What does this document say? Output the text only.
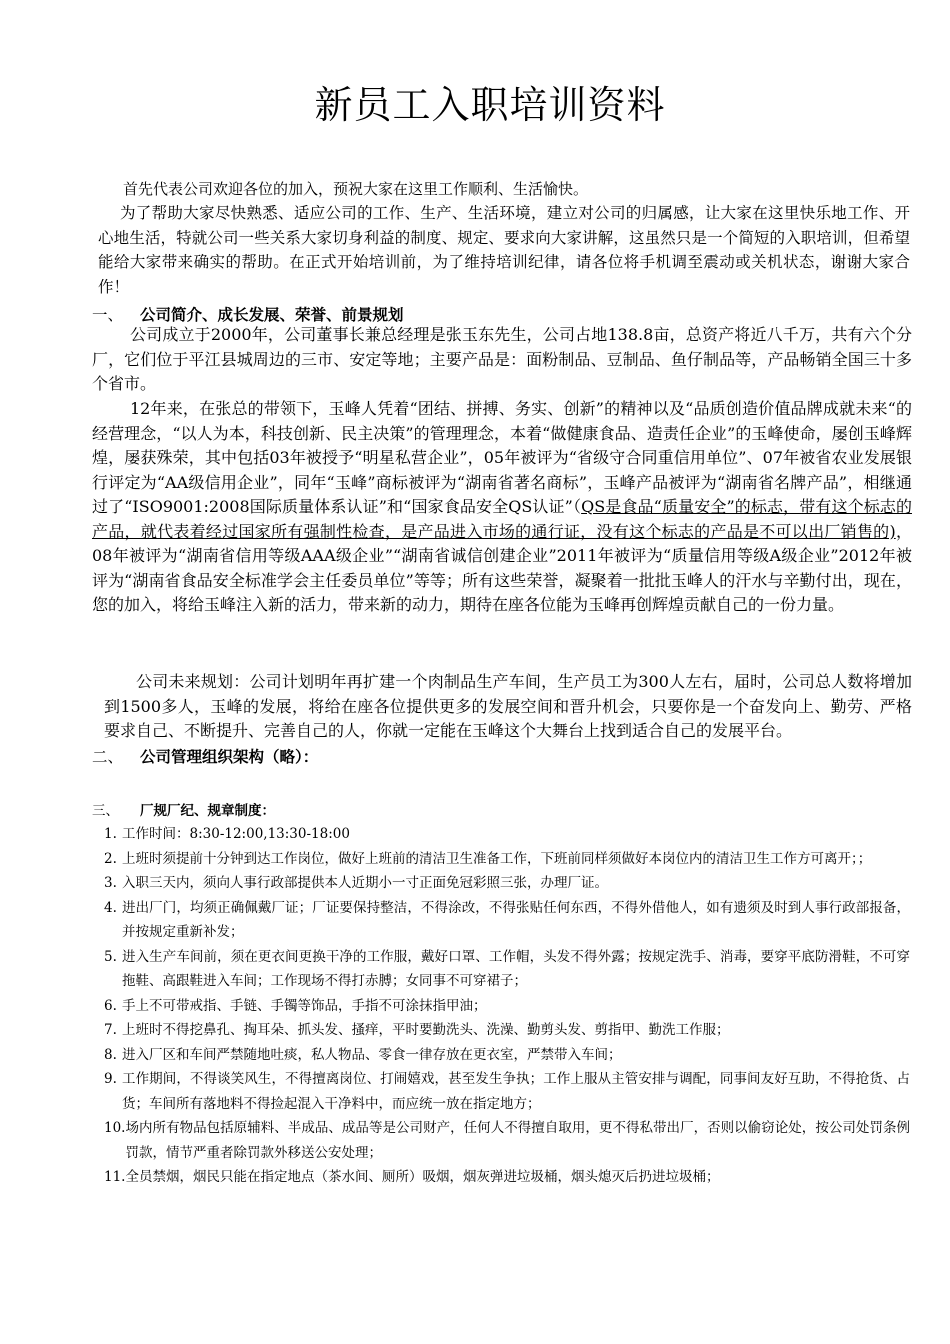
新员工入职培训资料

首先代表公司欢迎各位的加入，预祝大家在这里工作顺利、生活愉快。

为了帮助大家尽快熟悉、适应公司的工作、生产、生活环境，建立对公司的归属感，让大家在这里快乐地工作、开心地生活，特就公司一些关系大家切身利益的制度、规定、要求向大家讲解，这虽然只是一个简短的入职培训，但希望能给大家带来确实的帮助。在正式开始培训前，为了维持培训纪律，请各位将手机调至震动或关机状态，谢谢大家合作！

一、 公司简介、成长发展、荣誉、前景规划

公司成立于2000年，公司董事长兼总经理是张玉东先生，公司占地138.8亩，总资产将近八千万，共有六个分厂，它们位于平江县城周边的三市、安定等地；主要产品是：面粉制品、豆制品、鱼仔制品等，产品畅销全国三十多个省市。

12年来，在张总的带领下，玉峰人凭着“团结、拼搏、务实、创新”的精神以及“品质创造价值品牌成就未来“的经营理念，“以人为本，科技创新、民主决策”的管理理念，本着“做健康食品、造责任企业”的玉峰使命，屡创玉峰辉煌，屡获殊荣，其中包括03年被授予“明星私营企业”，05年被评为“省级守合同重信用单位”、07年被省农业发展银行评定为“AA级信用企业”，同年“玉峰”商标被评为“湖南省著名商标”，玉峰产品被评为“湖南省名牌产品”，相继通过了“ISO9001:2008国际质量体系认证”和“国家食品安全QS认证”（QS是食品“质量安全”的标志，带有这个标志的产品，就代表着经过国家所有强制性检查，是产品进入市场的通行证，没有这个标志的产品是不可以出厂销售的)，08年被评为“湖南省信用等级AAA级企业”“湖南省诚信创建企业”2011年被评为“质量信用等级A级企业”2012年被评为“湖南省食品安全标准学会主任委员单位”等等；所有这些荣誉，凝聚着一批批玉峰人的汗水与辛勤付出，现在，您的加入，将给玉峰注入新的活力，带来新的动力，期待在座各位能为玉峰再创辉煌贡献自己的一份力量。

公司未来规划：公司计划明年再扩建一个肉制品生产车间，生产员工为300人左右，届时，公司总人数将增加到1500多人，玉峰的发展，将给在座各位提供更多的发展空间和晋升机会，只要你是一个奋发向上、勤劳、严格要求自己、不断提升、完善自己的人，你就一定能在玉峰这个大舞台上找到适合自己的发展平台。

二、 公司管理组织架构（略）：
三、 厂规厂纪、规章制度：
1. 工作时间：8:30-12:00,13:30-18:00
2. 上班时须提前十分钟到达工作岗位，做好上班前的清洁卫生准备工作，下班前同样须做好本岗位内的清洁卫生工作方可离开；；
3. 入职三天内，须向人事行政部提供本人近期小一寸正面免冠彩照三张，办理厂证。
4. 进出厂门，均须正确佩戴厂证；厂证要保持整洁，不得涂改，不得张贴任何东西，不得外借他人，如有遗须及时到人事行政部报备，并按规定重新补发；
5. 进入生产车间前，须在更衣间更换干净的工作服，戴好口罩、工作帽，头发不得外露；按规定洗手、消毒，要穿平底防滑鞋，不可穿拖鞋、高跟鞋进入车间；工作现场不得打赤膊；女同事不可穿裙子；
6. 手上不可带戒指、手链、手镯等饰品，手指不可涂抹指甲油；
7. 上班时不得挖鼻孔、掏耳朵、抓头发、搔痒，平时要勤洗头、洗澡、勤剪头发、剪指甲、勤洗工作服；
8. 进入厂区和车间严禁随地吐痰，私人物品、零食一律存放在更衣室，严禁带入车间；
9. 工作期间，不得谈笑风生，不得擅离岗位、打闹嬉戏，甚至发生争执；工作上服从主管安排与调配，同事间友好互助，不得抢货、占货；车间所有落地料不得捡起混入干净料中，而应统一放在指定地方；
10. 场内所有物品包括原辅料、半成品、成品等是公司财产，任何人不得擅自取用，更不得私带出厂，否则以偷窃论处，按公司处罚条例罚款，情节严重者除罚款外移送公安处理；
11. 全员禁烟，烟民只能在指定地点（茶水间、厕所）吸烟，烟灰弹进垃圾桶，烟头熄灭后扔进垃圾桶；
